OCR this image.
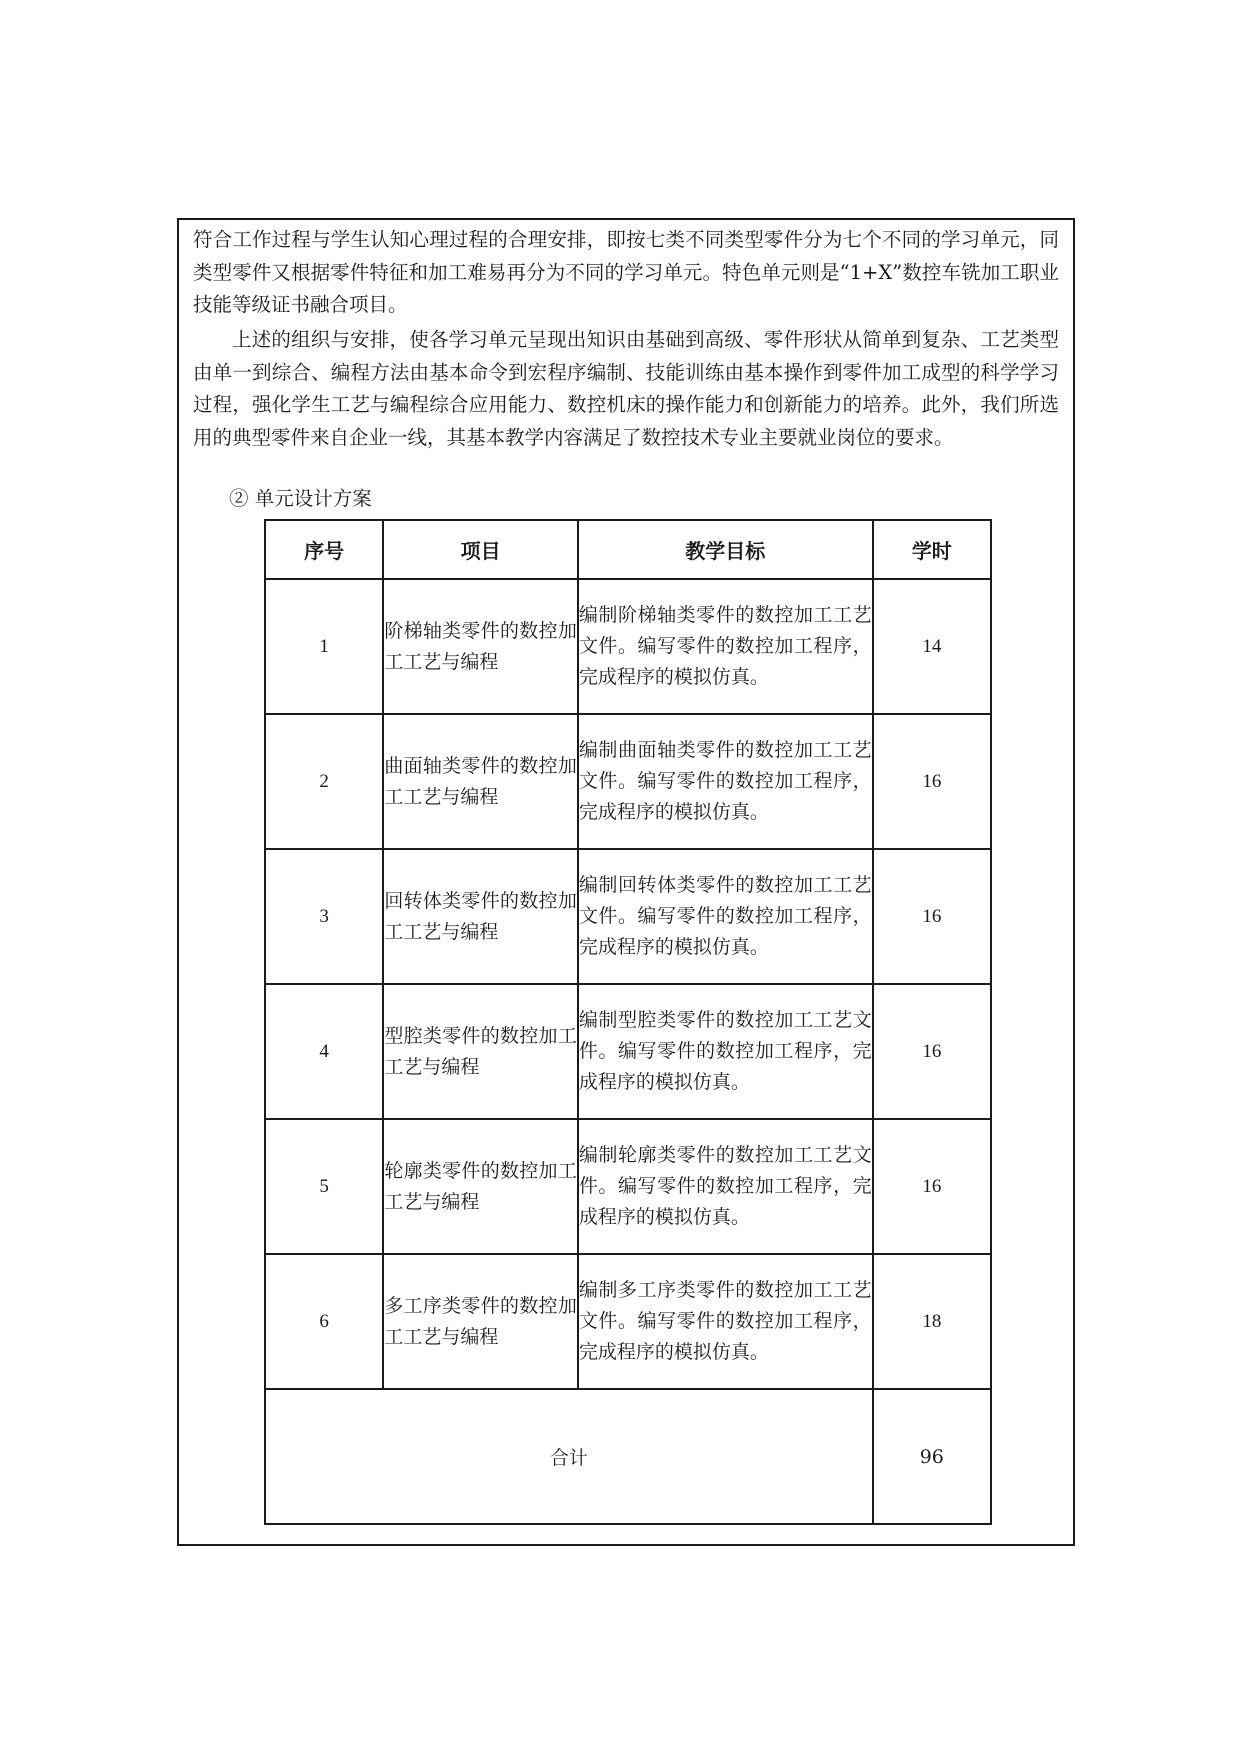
符合工作过程与学生认知心理过程的合理安排，即按七类不同类型零件分为七个不同的学习单元，同类型零件又根据零件特征和加工难易再分为不同的学习单元。特色单元则是“1+X”数控车铣加工职业技能等级证书融合项目。

上述的组织与安排，使各学习单元呈现出知识由基础到高级、零件形状从简单到复杂、工艺类型由单一到综合、编程方法由基本命令到宏程序编制、技能训练由基本操作到零件加工成型的科学学习过程，强化学生工艺与编程综合应用能力、数控机床的操作能力和创新能力的培养。此外，我们所选用的典型零件来自企业一线，其基本教学内容满足了数控技术专业主要就业岗位的要求。

② 单元设计方案

序号	项目	教学目标	学时
1	阶梯轴类零件的数控加工工艺与编程	编制阶梯轴类零件的数控加工工艺文件。编写零件的数控加工程序，完成程序的模拟仿真。	14
2	曲面轴类零件的数控加工工艺与编程	编制曲面轴类零件的数控加工工艺文件。编写零件的数控加工程序，完成程序的模拟仿真。	16
3	回转体类零件的数控加工工艺与编程	编制回转体类零件的数控加工工艺文件。编写零件的数控加工程序，完成程序的模拟仿真。	16
4	型腔类零件的数控加工工艺与编程	编制型腔类零件的数控加工工艺文件。编写零件的数控加工程序，完成程序的模拟仿真。	16
5	轮廓类零件的数控加工工艺与编程	编制轮廓类零件的数控加工工艺文件。编写零件的数控加工程序，完成程序的模拟仿真。	16
6	多工序类零件的数控加工工艺与编程	编制多工序类零件的数控加工工艺文件。编写零件的数控加工程序，完成程序的模拟仿真。	18
合计			96
